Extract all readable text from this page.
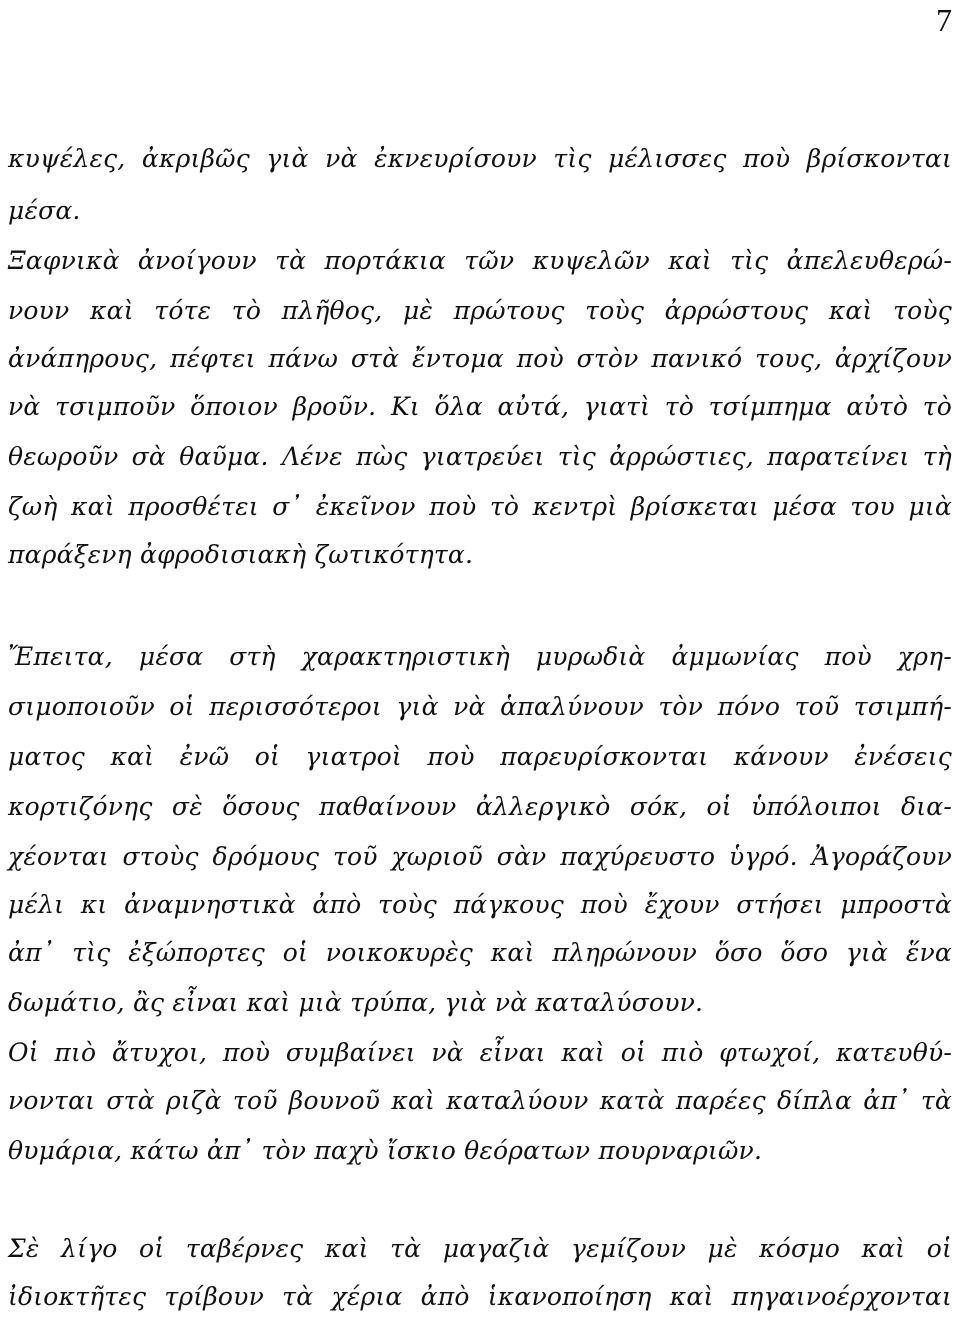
7
κυψέλες, ἀκριβῶς γιὰ νὰ ἐκνευρίσουν τὶς μέλισσες ποὺ βρίσκονται
μέσα.
Ξαφνικὰ ἀνοίγουν τὰ πορτάκια τῶν κυψελῶν καὶ τὶς ἀπελευθερώ-
νουν καὶ τότε τὸ πλῆθος, μὲ πρώτους τοὺς ἀρρώστους καὶ τοὺς
ἀνάπηρους, πέφτει πάνω στὰ ἔντομα ποὺ στὸν πανικό τους, ἀρχίζουν
νὰ τσιμποῦν ὅποιον βροῦν. Κι ὅλα αὐτά, γιατὶ τὸ τσίμπημα αὐτὸ τὸ
θεωροῦν σὰ θαῦμα. Λένε πὼς γιατρεύει τὶς ἀρρώστιες, παρατείνει τὴ
ζωὴ καὶ προσθέτει σ᾽ ἐκεῖνον ποὺ τὸ κεντρὶ βρίσκεται μέσα του μιὰ
παράξενη ἀφροδισιακὴ ζωτικότητα.
Ἔπειτα, μέσα στὴ χαρακτηριστικὴ μυρωδιὰ ἀμμωνίας ποὺ χρη-
σιμοποιοῦν οἱ περισσότεροι γιὰ νὰ ἁπαλύνουν τὸν πόνο τοῦ τσιμπή-
ματος καὶ ἐνῶ οἱ γιατροὶ ποὺ παρευρίσκονται κάνουν ἐνέσεις
κορτιζόνης σὲ ὅσους παθαίνουν ἀλλεργικὸ σόκ, οἱ ὑπόλοιποι δια-
χέονται στοὺς δρόμους τοῦ χωριοῦ σὰν παχύρευστο ὑγρό. Ἀγοράζουν
μέλι κι ἀναμνηστικὰ ἀπὸ τοὺς πάγκους ποὺ ἔχουν στήσει μπροστὰ
ἀπ᾽ τὶς ἐξώπορτες οἱ νοικοκυρὲς καὶ πληρώνουν ὅσο ὅσο γιὰ ἕνα
δωμάτιο, ἂς εἶναι καὶ μιὰ τρύπα, γιὰ νὰ καταλύσουν.
Οἱ πιὸ ἄτυχοι, ποὺ συμβαίνει νὰ εἶναι καὶ οἱ πιὸ φτωχοί, κατευθύ-
νονται στὰ ριζὰ τοῦ βουνοῦ καὶ καταλύουν κατὰ παρέες δίπλα ἀπ᾽ τὰ
θυμάρια, κάτω ἀπ᾽ τὸν παχὺ ἴσκιο θεόρατων πουρναριῶν.
Σὲ λίγο οἱ ταβέρνες καὶ τὰ μαγαζιὰ γεμίζουν μὲ κόσμο καὶ οἱ
ἰδιοκτῆτες τρίβουν τὰ χέρια ἀπὸ ἱκανοποίηση καὶ πηγαινοέρχονται
